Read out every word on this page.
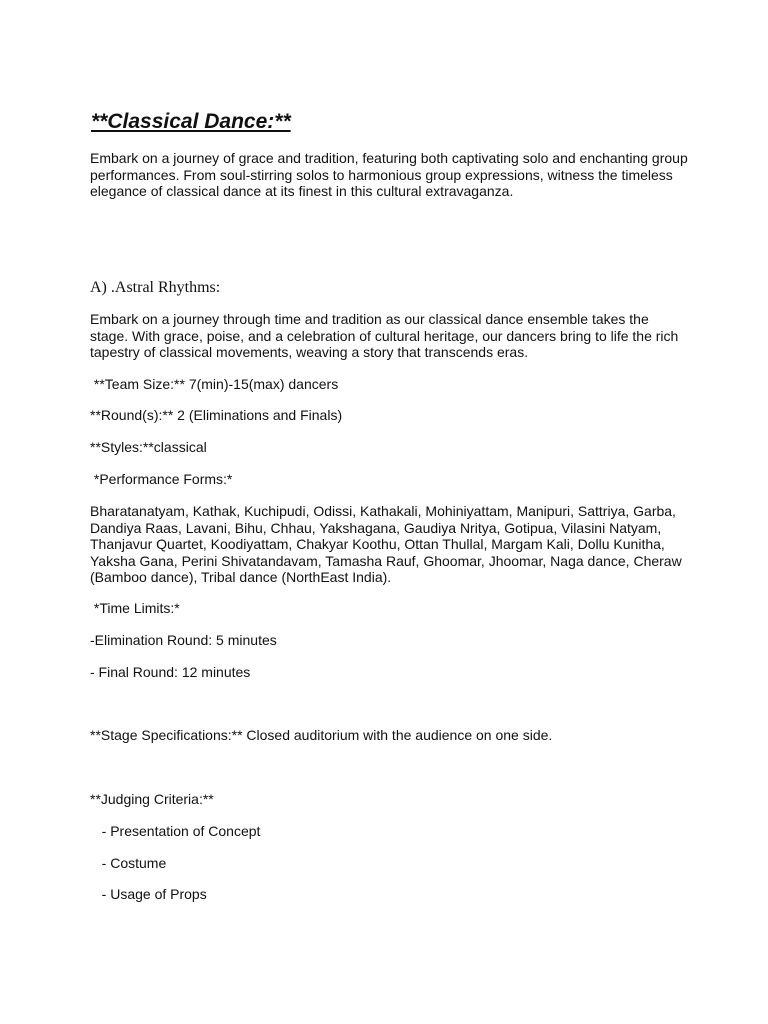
**Classical Dance:**

Embark on a journey of grace and tradition, featuring both captivating solo and enchanting group performances. From soul-stirring solos to harmonious group expressions, witness the timeless elegance of classical dance at its finest in this cultural extravaganza.

A) .Astral Rhythms:

Embark on a journey through time and tradition as our classical dance ensemble takes the stage. With grace, poise, and a celebration of cultural heritage, our dancers bring to life the rich tapestry of classical movements, weaving a story that transcends eras.

**Team Size:** 7(min)-15(max) dancers

**Round(s):** 2 (Eliminations and Finals)

**Styles:**classical

*Performance Forms:*

Bharatanatyam, Kathak, Kuchipudi, Odissi, Kathakali, Mohiniyattam, Manipuri, Sattriya, Garba, Dandiya Raas, Lavani, Bihu, Chhau, Yakshagana, Gaudiya Nritya, Gotipua, Vilasini Natyam, Thanjavur Quartet, Koodiyattam, Chakyar Koothu, Ottan Thullal, Margam Kali, Dollu Kunitha, Yaksha Gana, Perini Shivatandavam, Tamasha Rauf, Ghoomar, Jhoomar, Naga dance, Cheraw (Bamboo dance), Tribal dance (NorthEast India).

*Time Limits:*

-Elimination Round: 5 minutes

- Final Round: 12 minutes

**Stage Specifications:** Closed auditorium with the audience on one side.

**Judging Criteria:**

- Presentation of Concept

- Costume

- Usage of Props
